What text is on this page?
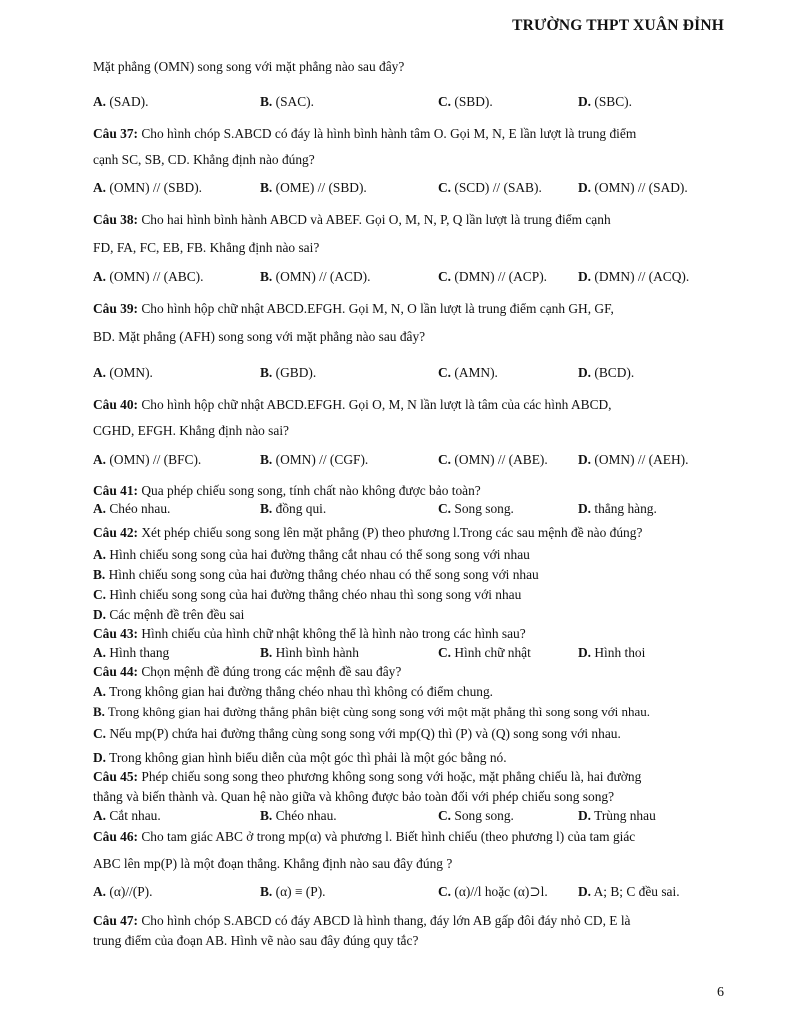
TRƯỜNG THPT XUÂN ĐỈNH
Mặt phẳng (OMN) song song với mặt phẳng nào sau đây?
A. (SAD).	B. (SAC).	C. (SBD).	D. (SBC).
Câu 37: Cho hình chóp S.ABCD có đáy là hình bình hành tâm O. Gọi M, N, E lần lượt là trung điểm
cạnh SC, SB, CD. Khẳng định nào đúng?
A. (OMN) // (SBD).	B. (OME) // (SBD).	C. (SCD) // (SAB).	D. (OMN) // (SAD).
Câu 38: Cho hai hình bình hành ABCD và ABEF. Gọi O, M, N, P, Q lần lượt là trung điểm cạnh
FD, FA, FC, EB, FB. Khẳng định nào sai?
A. (OMN) // (ABC).	B. (OMN) // (ACD).	C. (DMN) // (ACP). D. (DMN) // (ACQ).
Câu 39: Cho hình hộp chữ nhật ABCD.EFGH. Gọi M, N, O lần lượt là trung điểm cạnh GH, GF,
BD. Mặt phẳng (AFH) song song với mặt phẳng nào sau đây?
A. (OMN).	B. (GBD).	C. (AMN).	D. (BCD).
Câu 40: Cho hình hộp chữ nhật ABCD.EFGH. Gọi O, M, N lần lượt là tâm của các hình ABCD,
CGHD, EFGH. Khẳng định nào sai?
A. (OMN) // (BFC).	B. (OMN) // (CGF).	C. (OMN) // (ABE). D. (OMN) // (AEH).
Câu 41: Qua phép chiếu song song, tính chất nào không được bảo toàn?
A. Chéo nhau.	B. đồng qui.	C. Song song.	D. thẳng hàng.
Câu 42: Xét phép chiếu song song lên mặt phẳng (P) theo phương l.Trong các sau mệnh đề nào đúng?
A. Hình chiếu song song của hai đường thẳng cắt nhau có thể song song với nhau
B. Hình chiếu song song của hai đường thẳng chéo nhau có thể song song với nhau
C. Hình chiếu song song của hai đường thẳng chéo nhau thì song song với nhau
D. Các mệnh đề trên đều sai
Câu 43: Hình chiếu của hình chữ nhật không thể là hình nào trong các hình sau?
A. Hình thang	B. Hình bình hành	C. Hình chữ nhật	D. Hình thoi
Câu 44: Chọn mệnh đề đúng trong các mệnh đề sau đây?
A. Trong không gian hai đường thẳng chéo nhau thì không có điểm chung.
B. Trong không gian hai đường thẳng phân biệt cùng song song với một mặt phẳng thì song song với nhau.
C. Nếu mp(P) chứa hai đường thẳng cùng song song với mp(Q) thì (P) và (Q) song song với nhau.
D. Trong không gian hình biểu diễn của một góc thì phải là một góc bằng nó.
Câu 45: Phép chiếu song song theo phương không song song với hoặc, mặt phẳng chiếu là, hai đường
thẳng và biến thành và. Quan hệ nào giữa và không được bảo toàn đối với phép chiếu song song?
A. Cắt nhau.	B. Chéo nhau.	C. Song song.	D. Trùng nhau
Câu 46: Cho tam giác ABC ở trong mp(α) và phương l. Biết hình chiếu (theo phương l) của tam giác
ABC lên mp(P) là một đoạn thẳng. Khẳng định nào sau đây đúng ?
A. (α)//(P).	B. (α) ≡ (P).	C. (α)//l hoặc (α)⊃l. D. A; B; C đều sai.
Câu 47: Cho hình chóp S.ABCD có đáy ABCD là hình thang, đáy lớn AB gấp đôi đáy nhỏ CD, E là
trung điểm của đoạn AB. Hình vẽ nào sau đây đúng quy tắc?
6
